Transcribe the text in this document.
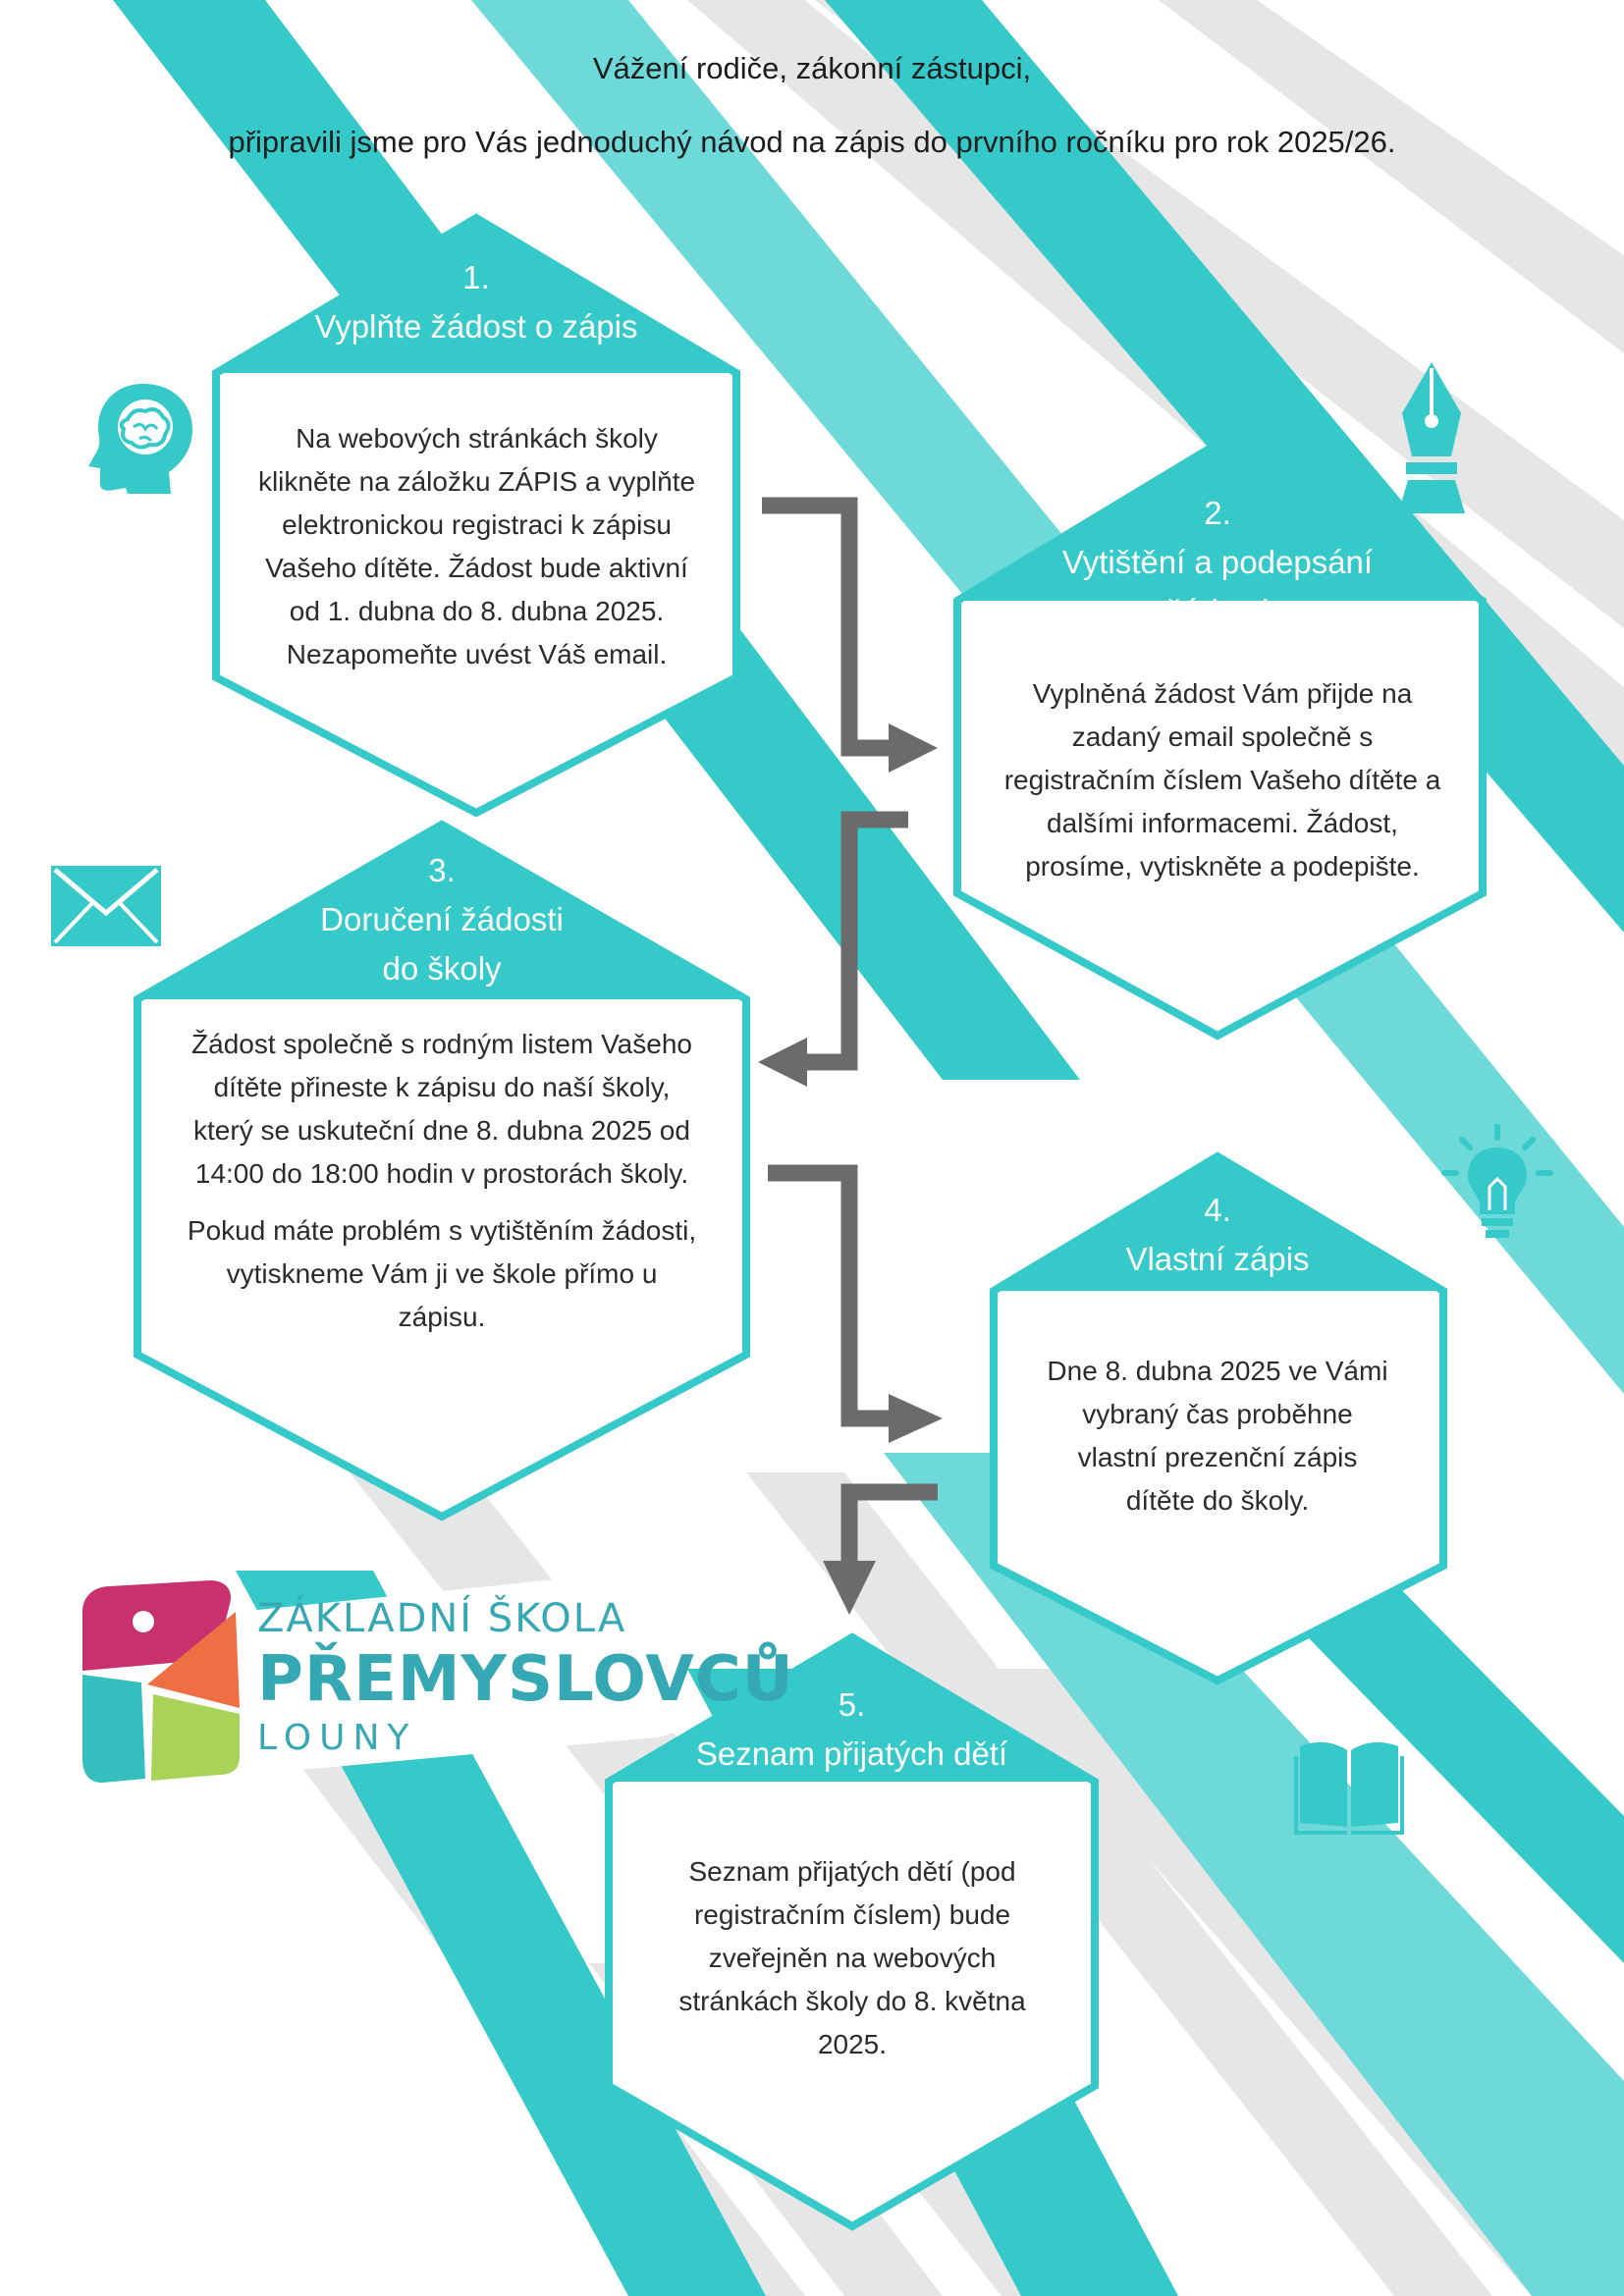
Vážení rodiče, zákonní zástupci,

připravili jsme pro Vás jednoduchý návod na zápis do prvního ročníku pro rok 2025/26.

1.
Vyplňte žádost o zápis

Na webových stránkách školy klikněte na záložku ZÁPIS a vyplňte elektronickou registraci k zápisu Vašeho dítěte. Žádost bude aktivní od 1. dubna do 8. dubna 2025. Nezapomeňte uvést Váš email.

2.
Vytištění a podepsání žádosti

Vyplněná žádost Vám přijde na zadaný email společně s registračním číslem Vašeho dítěte a dalšími informacemi. Žádost, prosíme, vytiskněte a podepište.

3.
Doručení žádosti do školy

Žádost společně s rodným listem Vašeho dítěte přineste k zápisu do naší školy, který se uskuteční dne 8. dubna 2025 od 14:00 do 18:00 hodin v prostorách školy.

Pokud máte problém s vytištěním žádosti, vytiskneme Vám ji ve škole přímo u zápisu.

4.
Vlastní zápis

Dne 8. dubna 2025 ve Vámi vybraný čas proběhne vlastní prezenční zápis dítěte do školy.

5.
Seznam přijatých dětí

Seznam přijatých dětí (pod registračním číslem) bude zveřejněn na webových stránkách školy do 8. května 2025.

ZÁKLADNÍ ŠKOLA
PŘEMYSLOVCŮ
LOUNY
